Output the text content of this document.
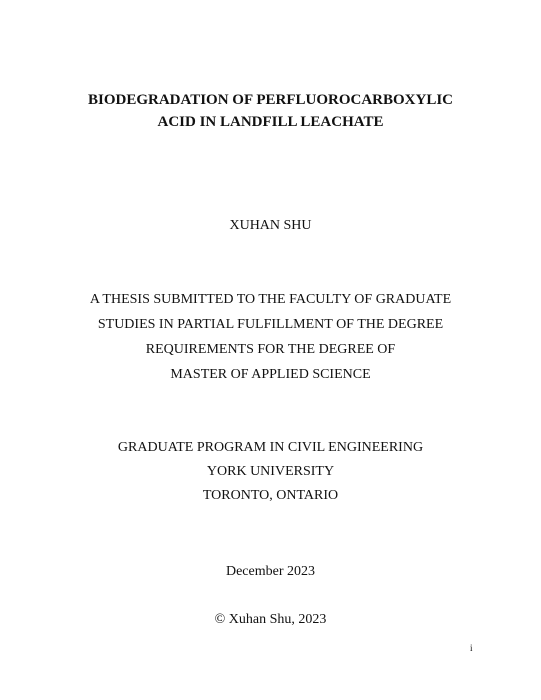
BIODEGRADATION OF PERFLUOROCARBOXYLIC
ACID IN LANDFILL LEACHATE
XUHAN SHU
A THESIS SUBMITTED TO THE FACULTY OF GRADUATE
STUDIES IN PARTIAL FULFILLMENT OF THE DEGREE
REQUIREMENTS FOR THE DEGREE OF
MASTER OF APPLIED SCIENCE
GRADUATE PROGRAM IN CIVIL ENGINEERING
YORK UNIVERSITY
TORONTO, ONTARIO
December 2023
© Xuhan Shu, 2023
i
